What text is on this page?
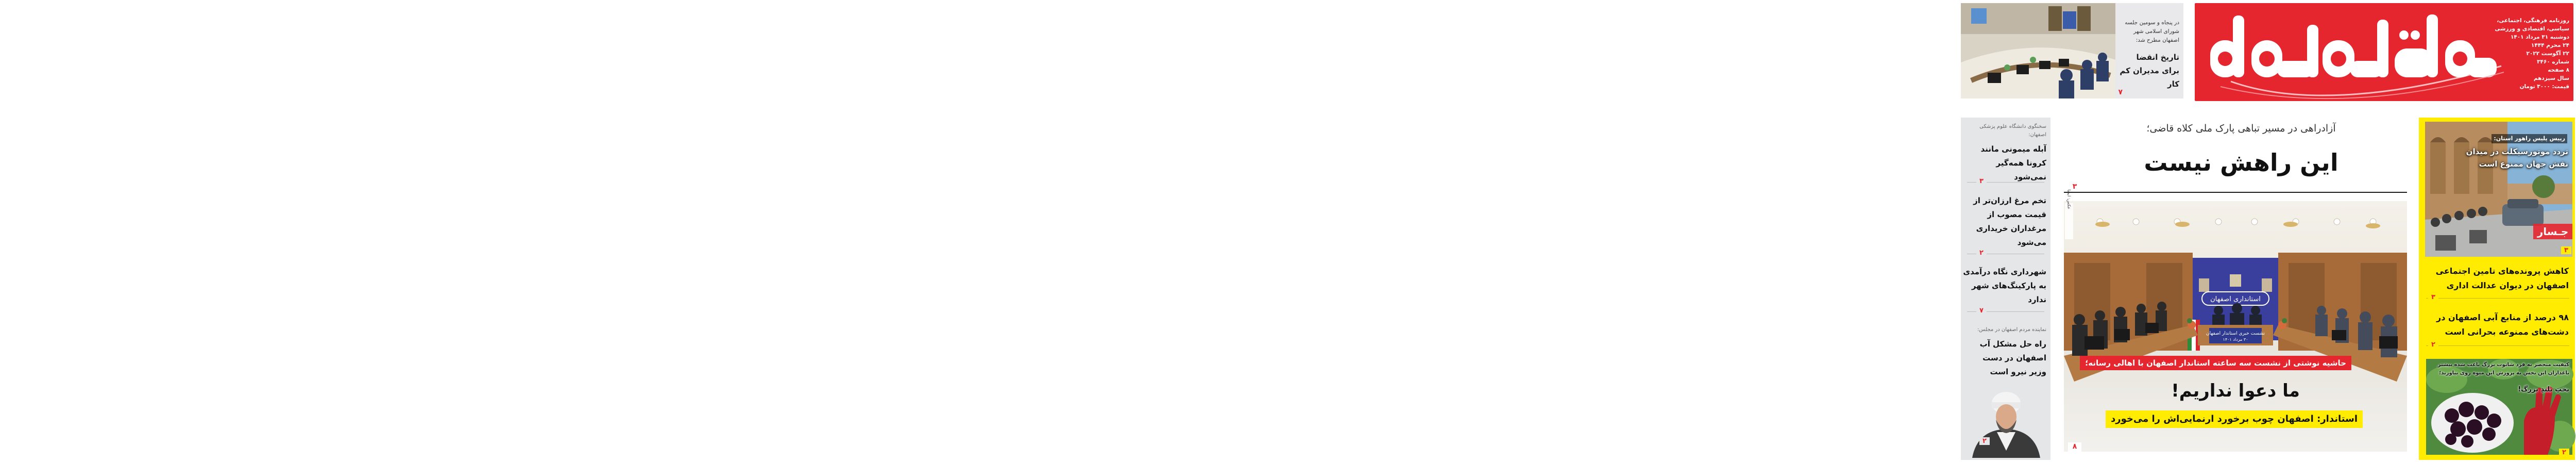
روزنامه فرهنگی، اجتماعی،
سیاسی، اقتصادی و ورزشی
دوشنبه ۳۱ مرداد ۱۴۰۱
۲۴ محرم ۱۴۴۴
۲۲ آگوست ۲۰۲۲
شماره ۳۴۶۰
۸ صفحه
سال سیزدهم
قیمت: ۳۰۰۰ تومان
در پنجاه و سومین جلسه شورای اسلامی شهر اصفهان مطرح شد:
تاریخ انقضا برای مدیران کم کار
۷
سخنگوی دانشگاه علوم پزشکی اصفهان:
آبله میمونی مانند کرونا همه‌گیر نمی‌شود
۳
تخم مرغ ارزان‌تر از قیمت مصوب از مرغداران خریداری می‌شود
۲
شهرداری نگاه درآمدی به پارکینگ‌های شهر ندارد
۷
نماینده مردم اصفهان در مجلس:
راه حل مشکل آب اصفهان در دست وزیر نیرو است
۲
آزادراهی در مسیر تباهی پارک ملی کلاه قاضی؛
این راهش نیست
۳
استانداری اصفهان
نشست خبری استاندار اصفهان
۳۰ مرداد ۱۴۰۱
عکس: ایمنا
حاشیه نوشتی از نشست سه ساعته استاندار اصفهان با اهالی رسانه؛
ما دعوا نداریم!
استاندار: اصفهان چوب برخورد ارنمایی‌اش را می‌خورد
۸
رییس پلیس راهور استان:
تردد موتورسیکلت در میدان نقش جهان ممنوع است
جـسار
۳
کاهش پرونده‌های تامین اجتماعی اصفهان در دیوان عدالت اداری
۳
۹۸ درصد از منابع آبی اصفهان در دشت‌های ممنوعه بحرانی است
۲
کیفیت منحصر به فرد شاتوت بزرگ باعث شده بیشتر باغداران این بخش به پرورش این میوه روی بیاورند؛
بختِ بلندِ بزرگ!
۲
